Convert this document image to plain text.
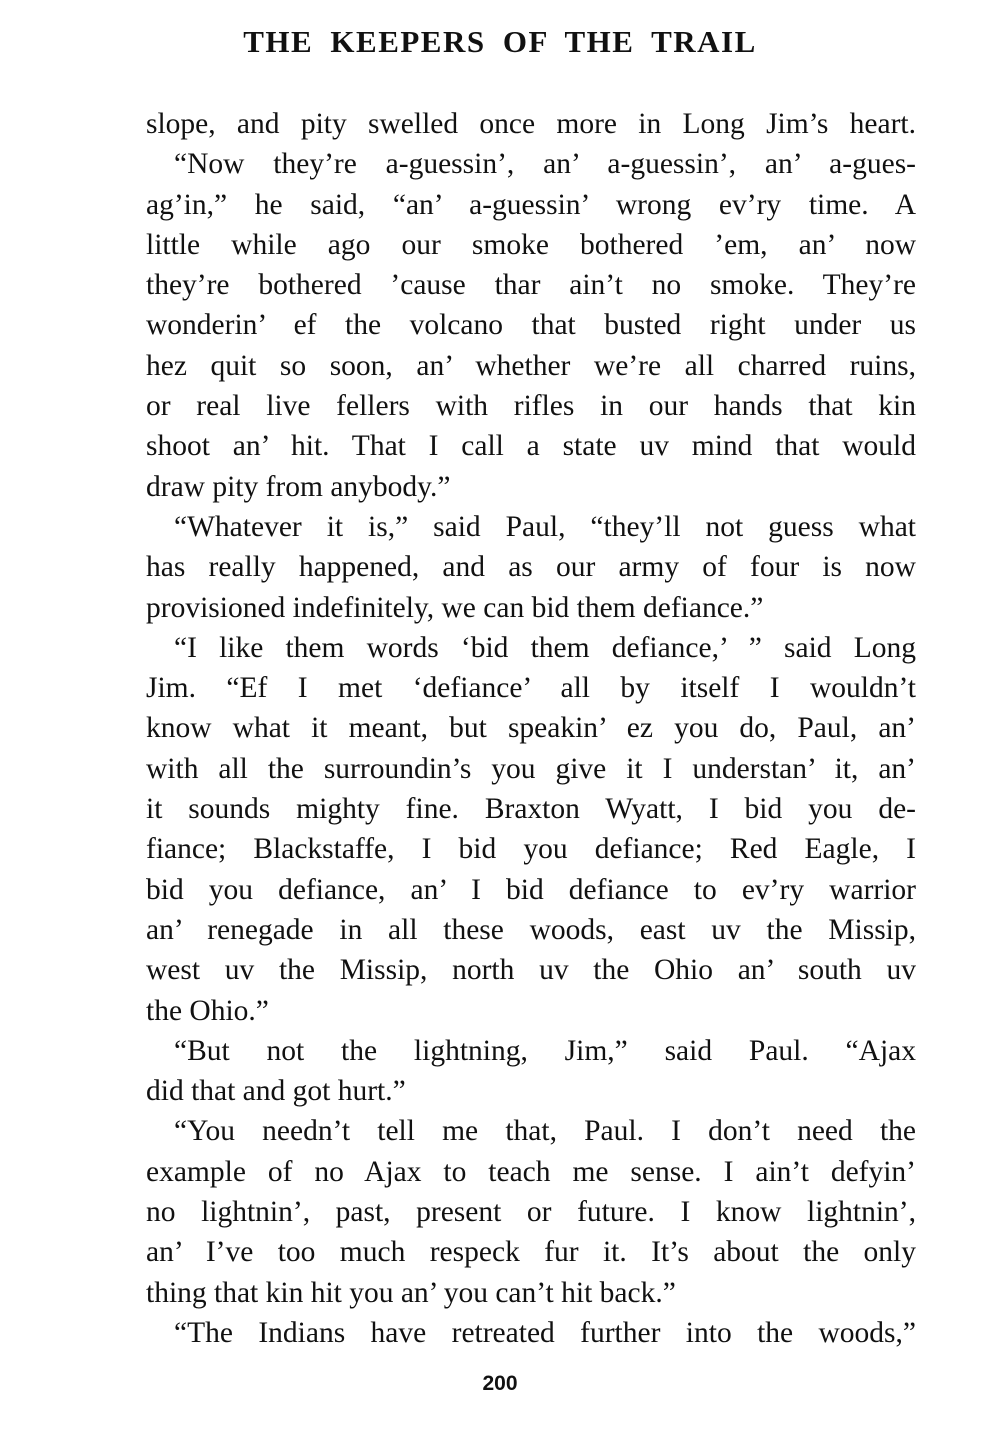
THE KEEPERS OF THE TRAIL
slope, and pity swelled once more in Long Jim’s heart.
“Now they’re a-guessin’, an’ a-guessin’, an’ a-gues-
ag’in,” he said, “an’ a-guessin’ wrong ev’ry time. A
little while ago our smoke bothered ’em, an’ now
they’re bothered ’cause thar ain’t no smoke. They’re
wonderin’ ef the volcano that busted right under us
hez quit so soon, an’ whether we’re all charred ruins,
or real live fellers with rifles in our hands that kin
shoot an’ hit. That I call a state uv mind that would
draw pity from anybody.”
“Whatever it is,” said Paul, “they’ll not guess what
has really happened, and as our army of four is now
provisioned indefinitely, we can bid them defiance.”
“I like them words ‘bid them defiance,’ ” said Long
Jim. “Ef I met ‘defiance’ all by itself I wouldn’t
know what it meant, but speakin’ ez you do, Paul, an’
with all the surroundin’s you give it I understan’ it, an’
it sounds mighty fine. Braxton Wyatt, I bid you de-
fiance; Blackstaffe, I bid you defiance; Red Eagle, I
bid you defiance, an’ I bid defiance to ev’ry warrior
an’ renegade in all these woods, east uv the Missip,
west uv the Missip, north uv the Ohio an’ south uv
the Ohio.”
“But not the lightning, Jim,” said Paul. “Ajax
did that and got hurt.”
“You needn’t tell me that, Paul. I don’t need the
example of no Ajax to teach me sense. I ain’t defyin’
no lightnin’, past, present or future. I know lightnin’,
an’ I’ve too much respeck fur it. It’s about the only
thing that kin hit you an’ you can’t hit back.”
“The Indians have retreated further into the woods,”
200
